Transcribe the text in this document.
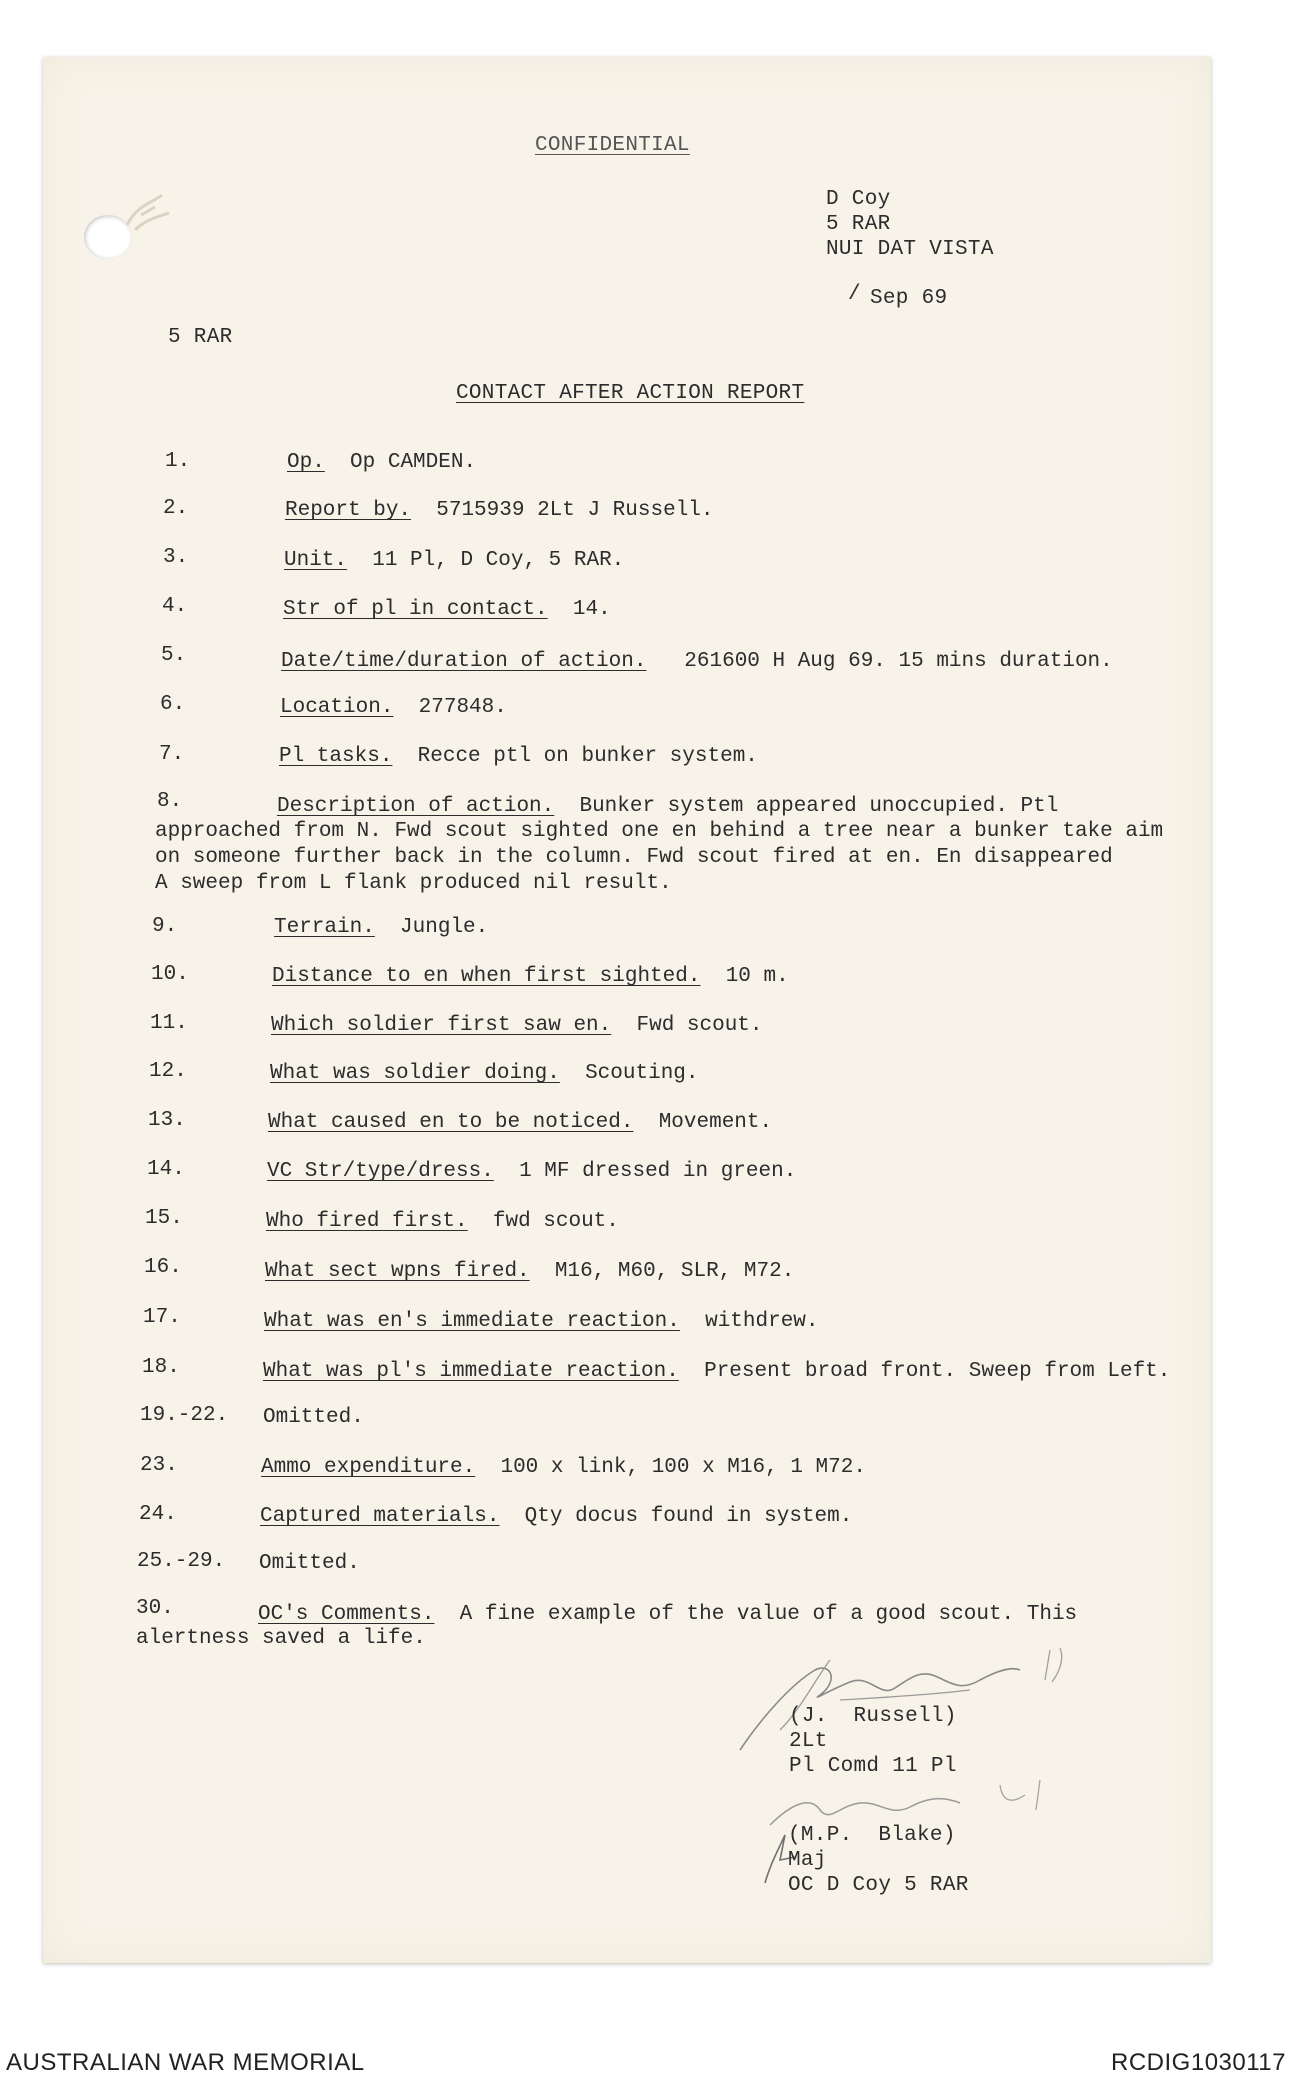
CONFIDENTIAL
D Coy
5 RAR
NUI DAT VISTA
/ Sep 69
5 RAR
CONTACT AFTER ACTION REPORT
1.	Op. Op CAMDEN.
2.	Report by. 5715939 2Lt J Russell.
3.	Unit. 11 Pl, D Coy, 5 RAR.
4.	Str of pl in contact. 14.
5.	Date/time/duration of action. 261600 H Aug 69. 15 mins duration.
6.	Location. 277848.
7.	Pl tasks. Recce ptl on bunker system.
8.	Description of action. Bunker system appeared unoccupied. Ptl
approached from N. Fwd scout sighted one en behind a tree near a bunker take aim
on someone further back in the column. Fwd scout fired at en. En disappeared
A sweep from L flank produced nil result.
9.	Terrain. Jungle.
10.	Distance to en when first sighted. 10 m.
11.	Which soldier first saw en. Fwd scout.
12.	What was soldier doing. Scouting.
13.	What caused en to be noticed. Movement.
14.	VC Str/type/dress. 1 MF dressed in green.
15.	Who fired first. fwd scout.
16.	What sect wpns fired. M16, M60, SLR, M72.
17.	What was en's immediate reaction. withdrew.
18.	What was pl's immediate reaction. Present broad front. Sweep from Left.
19.-22. Omitted.
23.	Ammo expenditure. 100 x link, 100 x M16, 1 M72.
24.	Captured materials. Qty docus found in system.
25.-29. Omitted.
30.	OC's Comments. A fine example of the value of a good scout. This
alertness saved a life.
(J.  Russell)
2Lt
Pl Comd 11 Pl
(M.P.  Blake)
Maj
OC D Coy 5 RAR
AUSTRALIAN WAR MEMORIAL	RCDIG1030117
